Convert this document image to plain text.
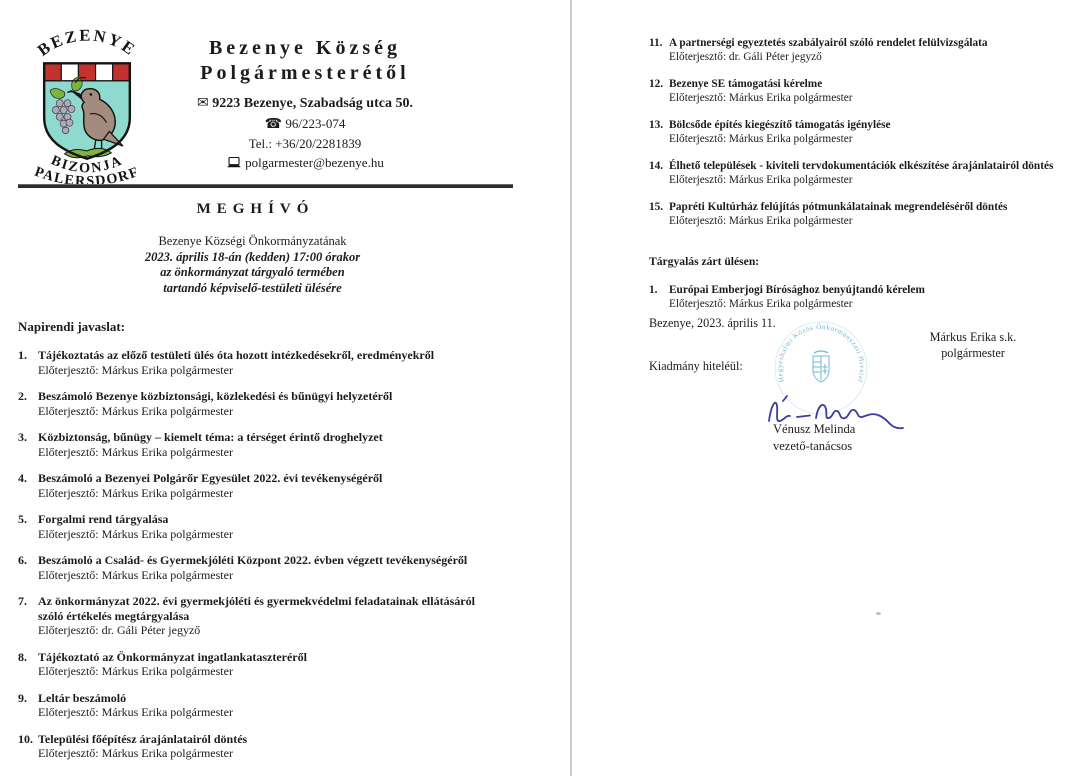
BEZENYE
BIZONJA
PALERSDORF
Bezenye Község
Polgármesterétől
✉ 9223 Bezenye, Szabadság utca 50.
☎ 96/223-074
Tel.: +36/20/2281839
polgarmester@bezenye.hu
MEGHÍVÓ
Bezenye Községi Önkormányzatának
2023. április 18-án (kedden) 17:00 órakor
az önkormányzat tárgyaló termében
tartandó képviselő-testületi ülésére
Napirendi javaslat:
1. Tájékoztatás az előző testületi ülés óta hozott intézkedésekről, eredményekről
Előterjesztő: Márkus Erika polgármester
2. Beszámoló Bezenye közbiztonsági, közlekedési és bűnügyi helyzetéről
Előterjesztő: Márkus Erika polgármester
3. Közbiztonság, bűnügy – kiemelt téma: a térséget érintő droghelyzet
Előterjesztő: Márkus Erika polgármester
4. Beszámoló a Bezenyei Polgárőr Egyesület 2022. évi tevékenységéről
Előterjesztő: Márkus Erika polgármester
5. Forgalmi rend tárgyalása
Előterjesztő: Márkus Erika polgármester
6. Beszámoló a Család- és Gyermekjóléti Központ 2022. évben végzett tevékenységéről
Előterjesztő: Márkus Erika polgármester
7. Az önkormányzat 2022. évi gyermekjóléti és gyermekvédelmi feladatainak ellátásáról szóló értékelés megtárgyalása
Előterjesztő: dr. Gáli Péter jegyző
8. Tájékoztató az Önkormányzat ingatlankataszteréről
Előterjesztő: Márkus Erika polgármester
9. Leltár beszámoló
Előterjesztő: Márkus Erika polgármester
10. Települési főépítész árajánlatairól döntés
Előterjesztő: Márkus Erika polgármester
11. A partnerségi egyeztetés szabályairól szóló rendelet felülvizsgálata
Előterjesztő: dr. Gáli Péter jegyző
12. Bezenye SE támogatási kérelme
Előterjesztő: Márkus Erika polgármester
13. Bölcsőde építés kiegészítő támogatás igénylése
Előterjesztő: Márkus Erika polgármester
14. Élhető települések - kiviteli tervdokumentációk elkészítése árajánlatairól döntés
Előterjesztő: Márkus Erika polgármester
15. Papréti Kultúrház felújítás pótmunkálatainak megrendeléséről döntés
Előterjesztő: Márkus Erika polgármester
Tárgyalás zárt ülésen:
1.	Európai Emberjogi Bírósághoz benyújtandó kérelem
Előterjesztő: Márkus Erika polgármester
Bezenye, 2023. április 11.
Márkus Erika s.k.
polgármester
Kiadmány hiteléül:
Hegyeshalmi Közös Önkormányzati Hivatal
Vénusz Melinda
vezető-tanácsos
